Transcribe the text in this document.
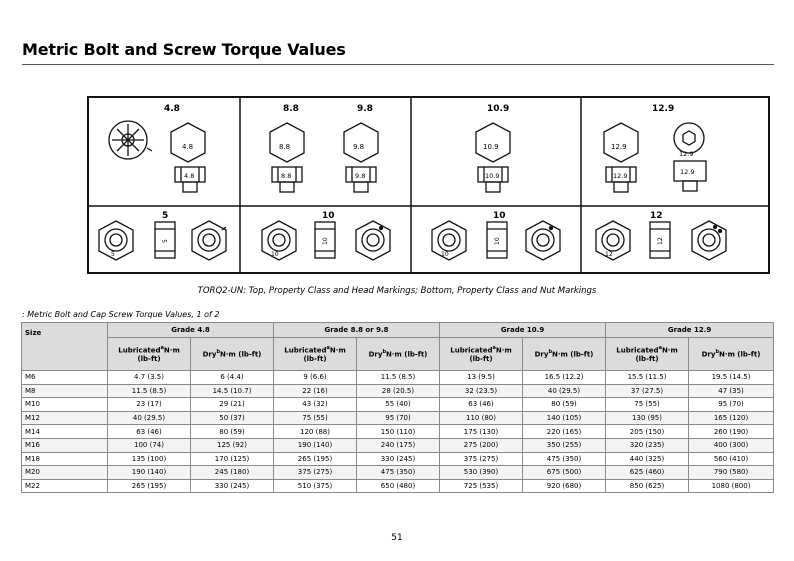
Metric Bolt and Screw Torque Values
4.8	8.8	9.8	10.9	12.9
4.8
4.8
8.8
8.8
9.8
9.8
10.9
10.9
12.9
12.9
12.9
12.9
5	10	10	12
5
5
10
10
10
10
12
12
TORQ2-UN: Top, Property Class and Head Markings; Bottom, Property Class and Nut Markings
: Metric Bolt and Cap Screw Torque Values, 1 of 2
Size	Grade 4.8		Grade 8.8 or 9.8		Grade 10.9		Grade 12.9	
	Lubricated$^a$N·m (lb-ft)	Dry$^b$N·m (lb-ft)	Lubricated$^a$N·m (lb-ft)	Dry$^b$N·m (lb-ft)	Lubricated$^a$N·m (lb-ft)	Dry$^b$N·m (lb-ft)	Lubricated$^a$N·m (lb-ft)	Dry$^b$N·m (lb-ft)
M6	4.7 (3.5)	6 (4.4)	9 (6.6)	11.5 (8.5)	13 (9.5)	16.5 (12.2)	15.5 (11.5)	19.5 (14.5)
M8	11.5 (8.5)	14.5 (10.7)	22 (16)	28 (20.5)	32 (23.5)	40 (29.5)	37 (27.5)	47 (35)
M10	23 (17)	29 (21)	43 (32)	55 (40)	63 (46)	80 (59)	75 (55)	95 (70)
M12	40 (29.5)	50 (37)	75 (55)	95 (70)	110 (80)	140 (105)	130 (95)	165 (120)
M14	63 (46)	80 (59)	120 (88)	150 (110)	175 (130)	220 (165)	205 (150)	260 (190)
M16	100 (74)	125 (92)	190 (140)	240 (175)	275 (200)	350 (255)	320 (235)	400 (300)
M18	135 (100)	170 (125)	265 (195)	330 (245)	375 (275)	475 (350)	440 (325)	560 (410)
M20	190 (140)	245 (180)	375 (275)	475 (350)	530 (390)	675 (500)	625 (460)	790 (580)
M22	265 (195)	330 (245)	510 (375)	650 (480)	725 (535)	920 (680)	850 (625)	1080 (800)
51
